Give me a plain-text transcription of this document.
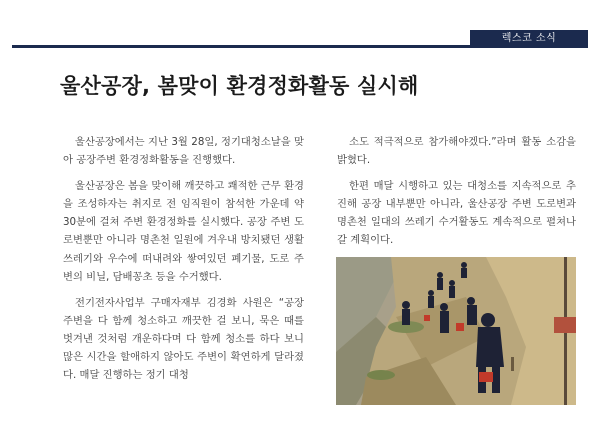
렉스코 소식
울산공장, 봄맞이 환경정화활동 실시해

울산공장에서는 지난 3월 28일, 정기대청소날을 맞아 공장주변 환경정화활동을 진행했다.

울산공장은 봄을 맞이해 깨끗하고 쾌적한 근무 환경을 조성하자는 취지로 전 임직원이 참석한 가운데 약 30분에 걸쳐 주변 환경정화를 실시했다. 공장 주변 도로변뿐만 아니라 명촌천 일원에 겨우내 방치됐던 생활쓰레기와 우수에 떠내려와 쌓여있던 폐기물, 도로 주변의 비닐, 담배꽁초 등을 수거했다.

전기전자사업부 구매자재부 김경화 사원은 “공장 주변을 다 함께 청소하고 깨끗한 걸 보니, 묵은 때를 벗겨낸 것처럼 개운하다며 다 함께 청소를 하다 보니 많은 시간을 할애하지 않아도 주변이 확연하게 달라졌다. 매달 진행하는 정기 대청

소도 적극적으로 참가해야겠다.”라며 활동 소감을 밝혔다.

한편 매달 시행하고 있는 대청소를 지속적으로 추진해 공장 내부뿐만 아니라, 울산공장 주변 도로변과 명촌천 일대의 쓰레기 수거활동도 계속적으로 펼쳐나갈 계획이다.
